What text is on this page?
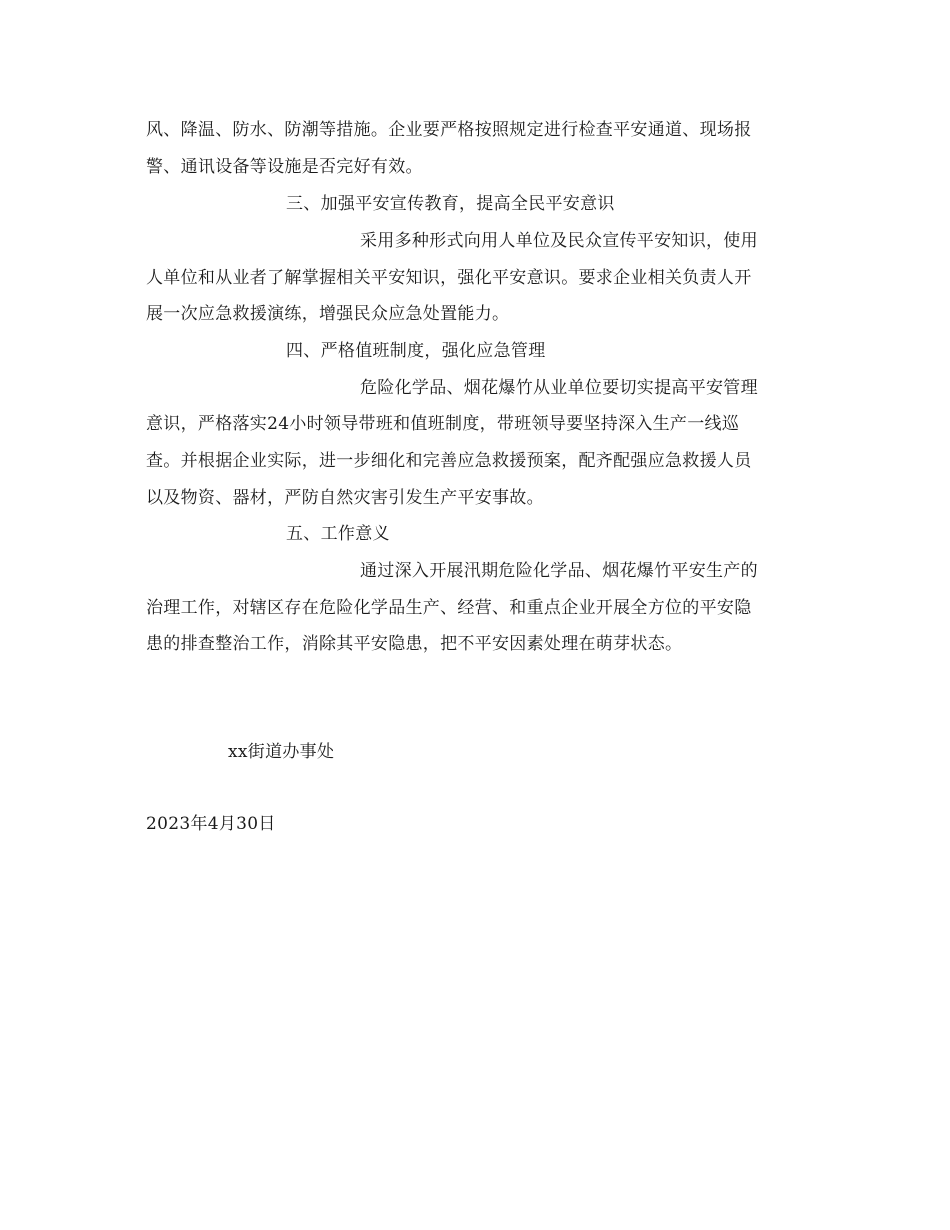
风、降温、防水、防潮等措施。企业要严格按照规定进行检查平安通道、现场报
警、通讯设备等设施是否完好有效。
三、加强平安宣传教育，提高全民平安意识
采用多种形式向用人单位及民众宣传平安知识，使用
人单位和从业者了解掌握相关平安知识，强化平安意识。要求企业相关负责人开
展一次应急救援演练，增强民众应急处置能力。
四、严格值班制度，强化应急管理
危险化学品、烟花爆竹从业单位要切实提高平安管理
意识，严格落实24小时领导带班和值班制度，带班领导要坚持深入生产一线巡
查。并根据企业实际，进一步细化和完善应急救援预案，配齐配强应急救援人员
以及物资、器材，严防自然灾害引发生产平安事故。
五、工作意义
通过深入开展汛期危险化学品、烟花爆竹平安生产的
治理工作，对辖区存在危险化学品生产、经营、和重点企业开展全方位的平安隐
患的排查整治工作，消除其平安隐患，把不平安因素处理在萌芽状态。
xx街道办事处
2023年4月30日
